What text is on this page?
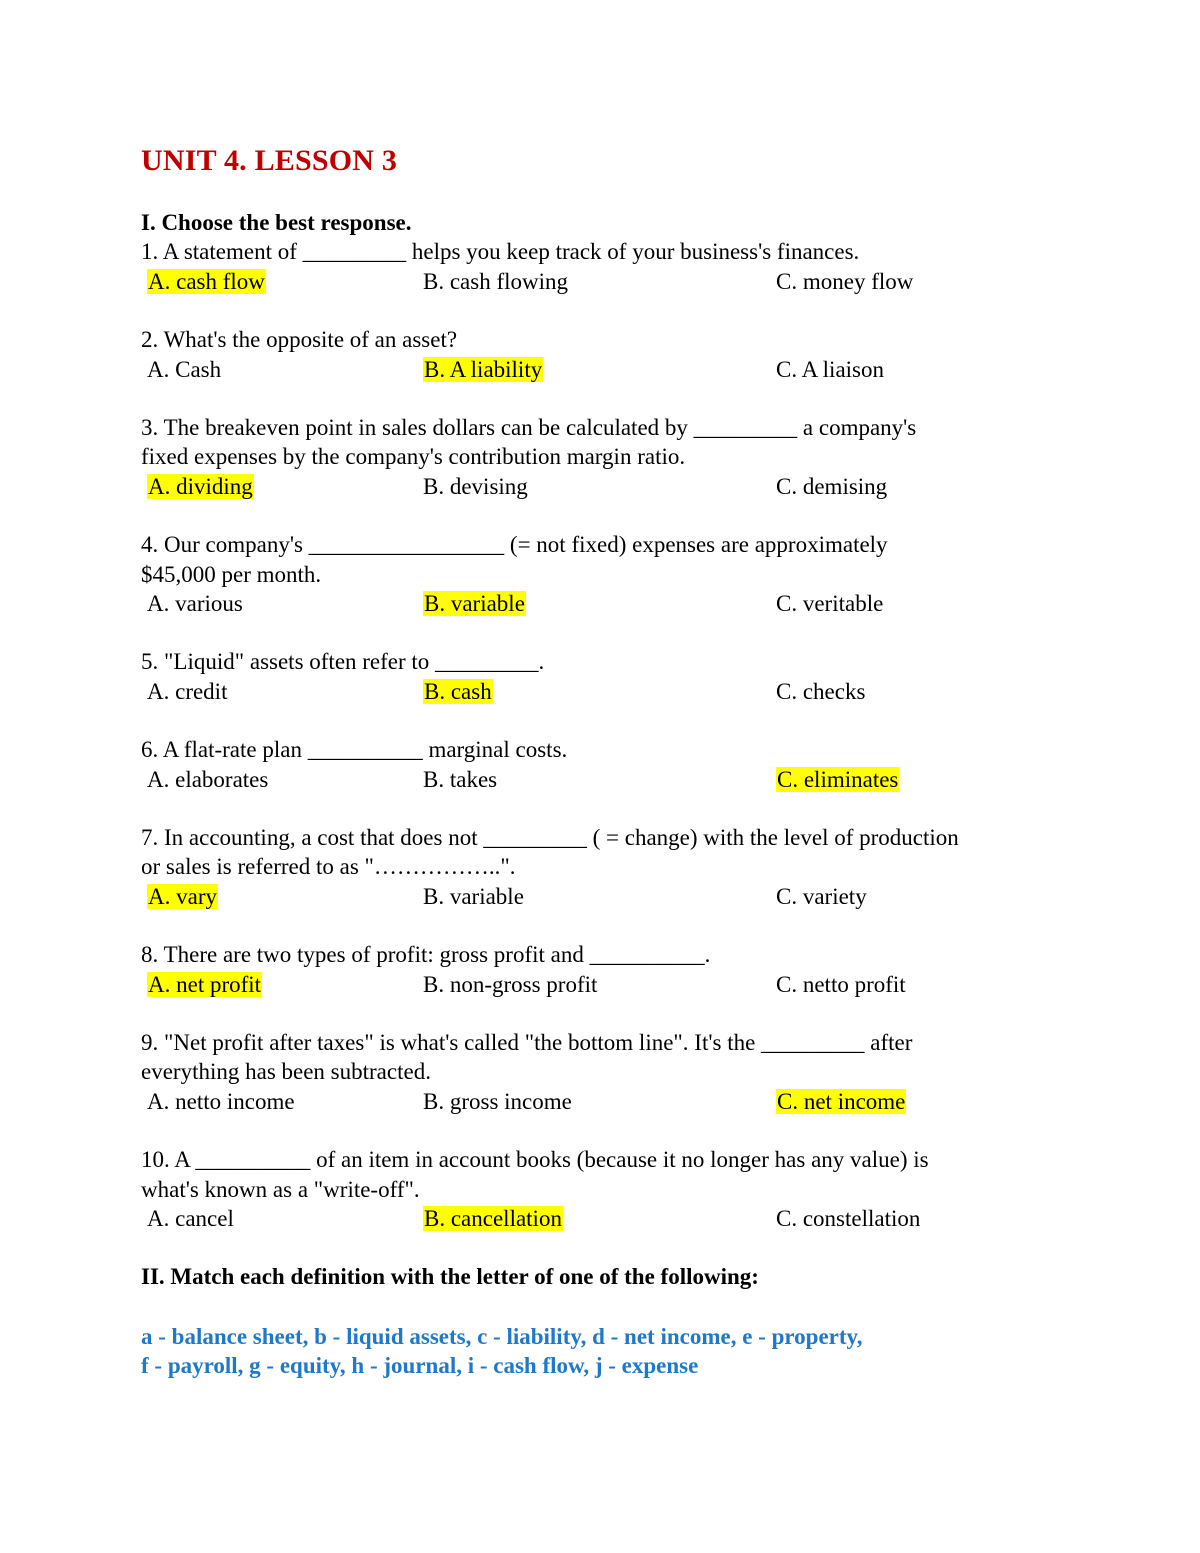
UNIT 4. LESSON 3
I. Choose the best response.
1. A statement of _________ helps you keep track of your business's finances.
A. cash flow	B. cash flowing	C. money flow
2. What's the opposite of an asset?
A. Cash	B. A liability	C. A liaison
3. The breakeven point in sales dollars can be calculated by _________ a company's
fixed expenses by the company's contribution margin ratio.
A. dividing	B. devising	C. demising
4. Our company's _________________ (= not fixed) expenses are approximately
$45,000 per month.
A. various	B. variable	C. veritable
5. "Liquid" assets often refer to _________.
A. credit	B. cash	C. checks
6. A flat-rate plan __________ marginal costs.
A. elaborates	B. takes	C. eliminates
7. In accounting, a cost that does not _________ ( = change) with the level of production
or sales is referred to as "……………..".
A. vary	B. variable	C. variety
8. There are two types of profit: gross profit and __________.
A. net profit	B. non-gross profit	C. netto profit
9. "Net profit after taxes" is what's called "the bottom line". It's the _________ after
everything has been subtracted.
A. netto income	B. gross income	C. net income
10. A __________ of an item in account books (because it no longer has any value) is
what's known as a "write-off".
A. cancel	B. cancellation	C. constellation
II. Match each definition with the letter of one of the following:
a - balance sheet, b - liquid assets, c - liability, d - net income, e - property,
f - payroll, g - equity, h - journal, i - cash flow, j - expense
